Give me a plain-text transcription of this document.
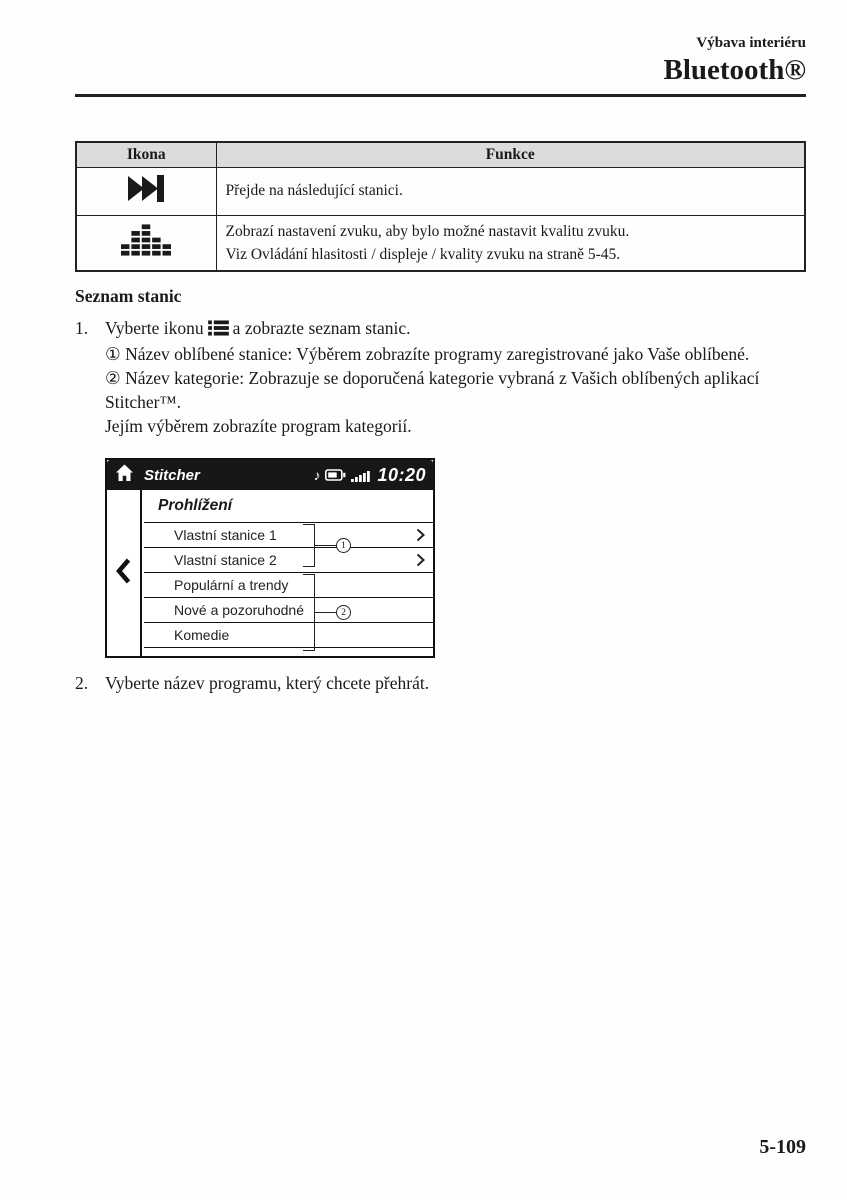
Výbava interiéru
Bluetooth®
Ikona	Funkce

Přejde na následující stanici.

Zobrazí nastavení zvuku, aby bylo možné nastavit kvalitu zvuku.
Viz Ovládání hlasitosti / displeje / kvality zvuku na straně 5-45.
Seznam stanic
1. Vyberte ikonu a zobrazte seznam stanic.
① Název oblíbené stanice: Výběrem zobrazíte programy zaregistrované jako Vaše oblíbené.
② Název kategorie: Zobrazuje se doporučená kategorie vybraná z Vašich oblíbených aplikací Stitcher™.
Jejím výběrem zobrazíte program kategorií.
Stitcher	♪	10:20
Prohlížení
Vlastní stanice 1
Vlastní stanice 2
Populární a trendy
Nové a pozoruhodné
Komedie
1
2
2. Vyberte název programu, který chcete přehrát.
5-109
